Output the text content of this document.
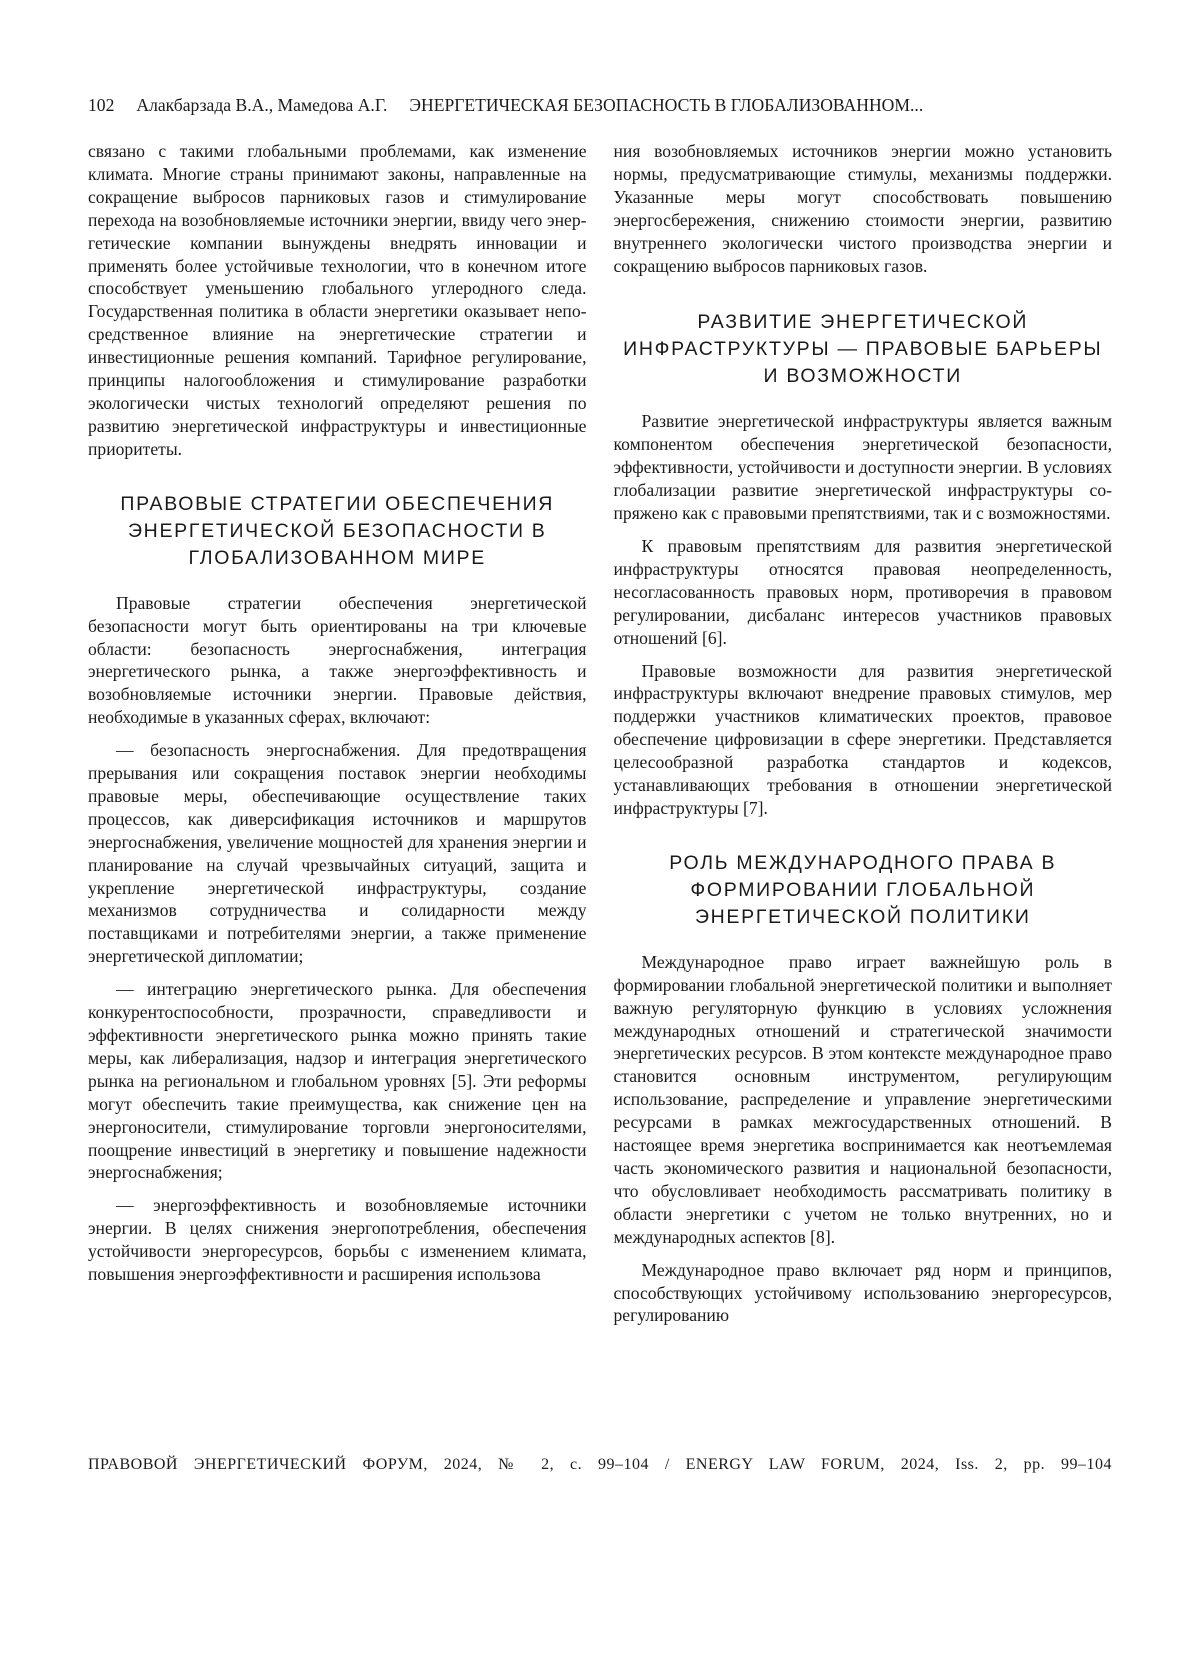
102 Алакбарзада В.А., Мамедова А.Г. ЭНЕРГЕТИЧЕСКАЯ БЕЗОПАСНОСТЬ В ГЛОБАЛИЗОВАННОМ...

связано с такими глобальными проблемами, как изменение климата. Многие страны принимают законы, направленные на сокращение выбросов парниковых газов и стимулирование перехода на возобновляемые источники энергии, ввиду чего энергетические компании вынуждены внедрять инновации и применять более устойчивые технологии, что в конечном итоге способствует уменьшению глобального углеродного следа. Государственная политика в области энергетики оказывает непосредственное влияние на энергетические стратегии и инвестиционные решения компаний. Тарифное регулирование, принципы налогообложения и стимулирование разработки экологически чистых технологий определяют решения по развитию энергетической инфраструктуры и инвестиционные приоритеты.

ПРАВОВЫЕ СТРАТЕГИИ ОБЕСПЕЧЕНИЯ ЭНЕРГЕТИЧЕСКОЙ БЕЗОПАСНОСТИ В ГЛОБАЛИЗОВАННОМ МИРЕ

Правовые стратегии обеспечения энергетической безопасности могут быть ориентированы на три ключевые области: безопасность энергоснабжения, интеграция энергетического рынка, а также энергоэффективность и возобновляемые источники энергии. Правовые действия, необходимые в указанных сферах, включают:

— безопасность энергоснабжения. Для предотвращения прерывания или сокращения поставок энергии необходимы правовые меры, обеспечивающие осуществление таких процессов, как диверсификация источников и маршрутов энергоснабжения, увеличение мощностей для хранения энергии и планирование на случай чрезвычайных ситуаций, защита и укрепление энергетической инфраструктуры, создание механизмов сотрудничества и солидарности между поставщиками и потребителями энергии, а также применение энергетической дипломатии;

— интеграцию энергетического рынка. Для обеспечения конкурентоспособности, прозрачности, справедливости и эффективности энергетического рынка можно принять такие меры, как либерализация, надзор и интеграция энергетического рынка на региональном и глобальном уровнях [5]. Эти реформы могут обеспечить такие преимущества, как снижение цен на энергоносители, стимулирование торговли энергоносителями, поощрение инвестиций в энергетику и повышение надежности энергоснабжения;

— энергоэффективность и возобновляемые источники энергии. В целях снижения энергопотребления, обеспечения устойчивости энергоресурсов, борьбы с изменением климата, повышения энергоэффективности и расширения использова

ния возобновляемых источников энергии можно установить нормы, предусматривающие стимулы, механизмы поддержки. Указанные меры могут способствовать повышению энергосбережения, снижению стоимости энергии, развитию внутреннего экологически чистого производства энергии и сокращению выбросов парниковых газов.

РАЗВИТИЕ ЭНЕРГЕТИЧЕСКОЙ ИНФРАСТРУКТУРЫ — ПРАВОВЫЕ БАРЬЕРЫ И ВОЗМОЖНОСТИ

Развитие энергетической инфраструктуры является важным компонентом обеспечения энергетической безопасности, эффективности, устойчивости и доступности энергии. В условиях глобализации развитие энергетической инфраструктуры сопряжено как с правовыми препятствиями, так и с возможностями.

К правовым препятствиям для развития энергетической инфраструктуры относятся правовая неопределенность, несогласованность правовых норм, противоречия в правовом регулировании, дисбаланс интересов участников правовых отношений [6].

Правовые возможности для развития энергетической инфраструктуры включают внедрение правовых стимулов, мер поддержки участников климатических проектов, правовое обеспечение цифровизации в сфере энергетики. Представляется целесообразной разработка стандартов и кодексов, устанавливающих требования в отношении энергетической инфраструктуры [7].

РОЛЬ МЕЖДУНАРОДНОГО ПРАВА В ФОРМИРОВАНИИ ГЛОБАЛЬНОЙ ЭНЕРГЕТИЧЕСКОЙ ПОЛИТИКИ

Международное право играет важнейшую роль в формировании глобальной энергетической политики и выполняет важную регуляторную функцию в условиях усложнения международных отношений и стратегической значимости энергетических ресурсов. В этом контексте международное право становится основным инструментом, регулирующим использование, распределение и управление энергетическими ресурсами в рамках межгосударственных отношений. В настоящее время энергетика воспринимается как неотъемлемая часть экономического развития и национальной безопасности, что обусловливает необходимость рассматривать политику в области энергетики с учетом не только внутренних, но и международных аспектов [8].

Международное право включает ряд норм и принципов, способствующих устойчивому использованию энергоресурсов, регулированию

ПРАВОВОЙ ЭНЕРГЕТИЧЕСКИЙ ФОРУМ, 2024, № 2, с. 99–104 / ENERGY LAW FORUM, 2024, Iss. 2, pp. 99–104
